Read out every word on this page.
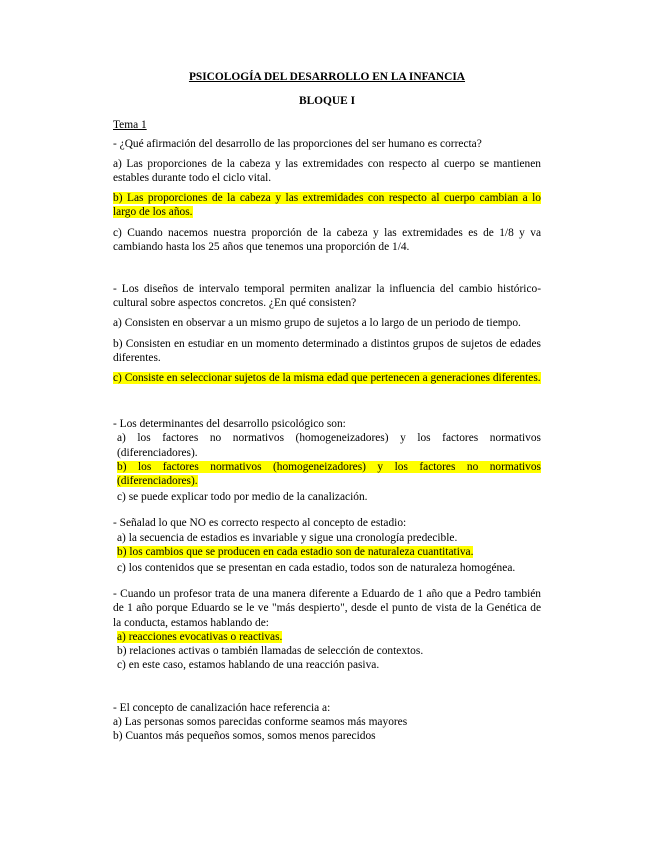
PSICOLOGÍA DEL DESARROLLO EN LA INFANCIA

BLOQUE I

Tema 1

- ¿Qué afirmación del desarrollo de las proporciones del ser humano es correcta?

a) Las proporciones de la cabeza y las extremidades con respecto al cuerpo se mantienen estables durante todo el ciclo vital.

b) Las proporciones de la cabeza y las extremidades con respecto al cuerpo cambian a lo largo de los años.

c) Cuando nacemos nuestra proporción de la cabeza y las extremidades es de 1/8 y va cambiando hasta los 25 años que tenemos una proporción de 1/4.

- Los diseños de intervalo temporal permiten analizar la influencia del cambio histórico-cultural sobre aspectos concretos. ¿En qué consisten?

a) Consisten en observar a un mismo grupo de sujetos a lo largo de un periodo de tiempo.

b) Consisten en estudiar en un momento determinado a distintos grupos de sujetos de edades diferentes.

c) Consiste en seleccionar sujetos de la misma edad que pertenecen a generaciones diferentes.

- Los determinantes del desarrollo psicológico son:

a) los factores no normativos (homogeneizadores) y los factores normativos (diferenciadores).

b) los factores normativos (homogeneizadores) y los factores no normativos (diferenciadores).

c) se puede explicar todo por medio de la canalización.

- Señalad lo que NO es correcto respecto al concepto de estadio:

a) la secuencia de estadios es invariable y sigue una cronología predecible.

b) los cambios que se producen en cada estadio son de naturaleza cuantitativa.

c) los contenidos que se presentan en cada estadio, todos son de naturaleza homogénea.

- Cuando un profesor trata de una manera diferente a Eduardo de 1 año que a Pedro también de 1 año porque Eduardo se le ve "más despierto", desde el punto de vista de la Genética de la conducta, estamos hablando de:

a) reacciones evocativas o reactivas.

b) relaciones activas o también llamadas de selección de contextos.

c) en este caso, estamos hablando de una reacción pasiva.

- El concepto de canalización hace referencia a:

a) Las personas somos parecidas conforme seamos más mayores

b) Cuantos más pequeños somos, somos menos parecidos
